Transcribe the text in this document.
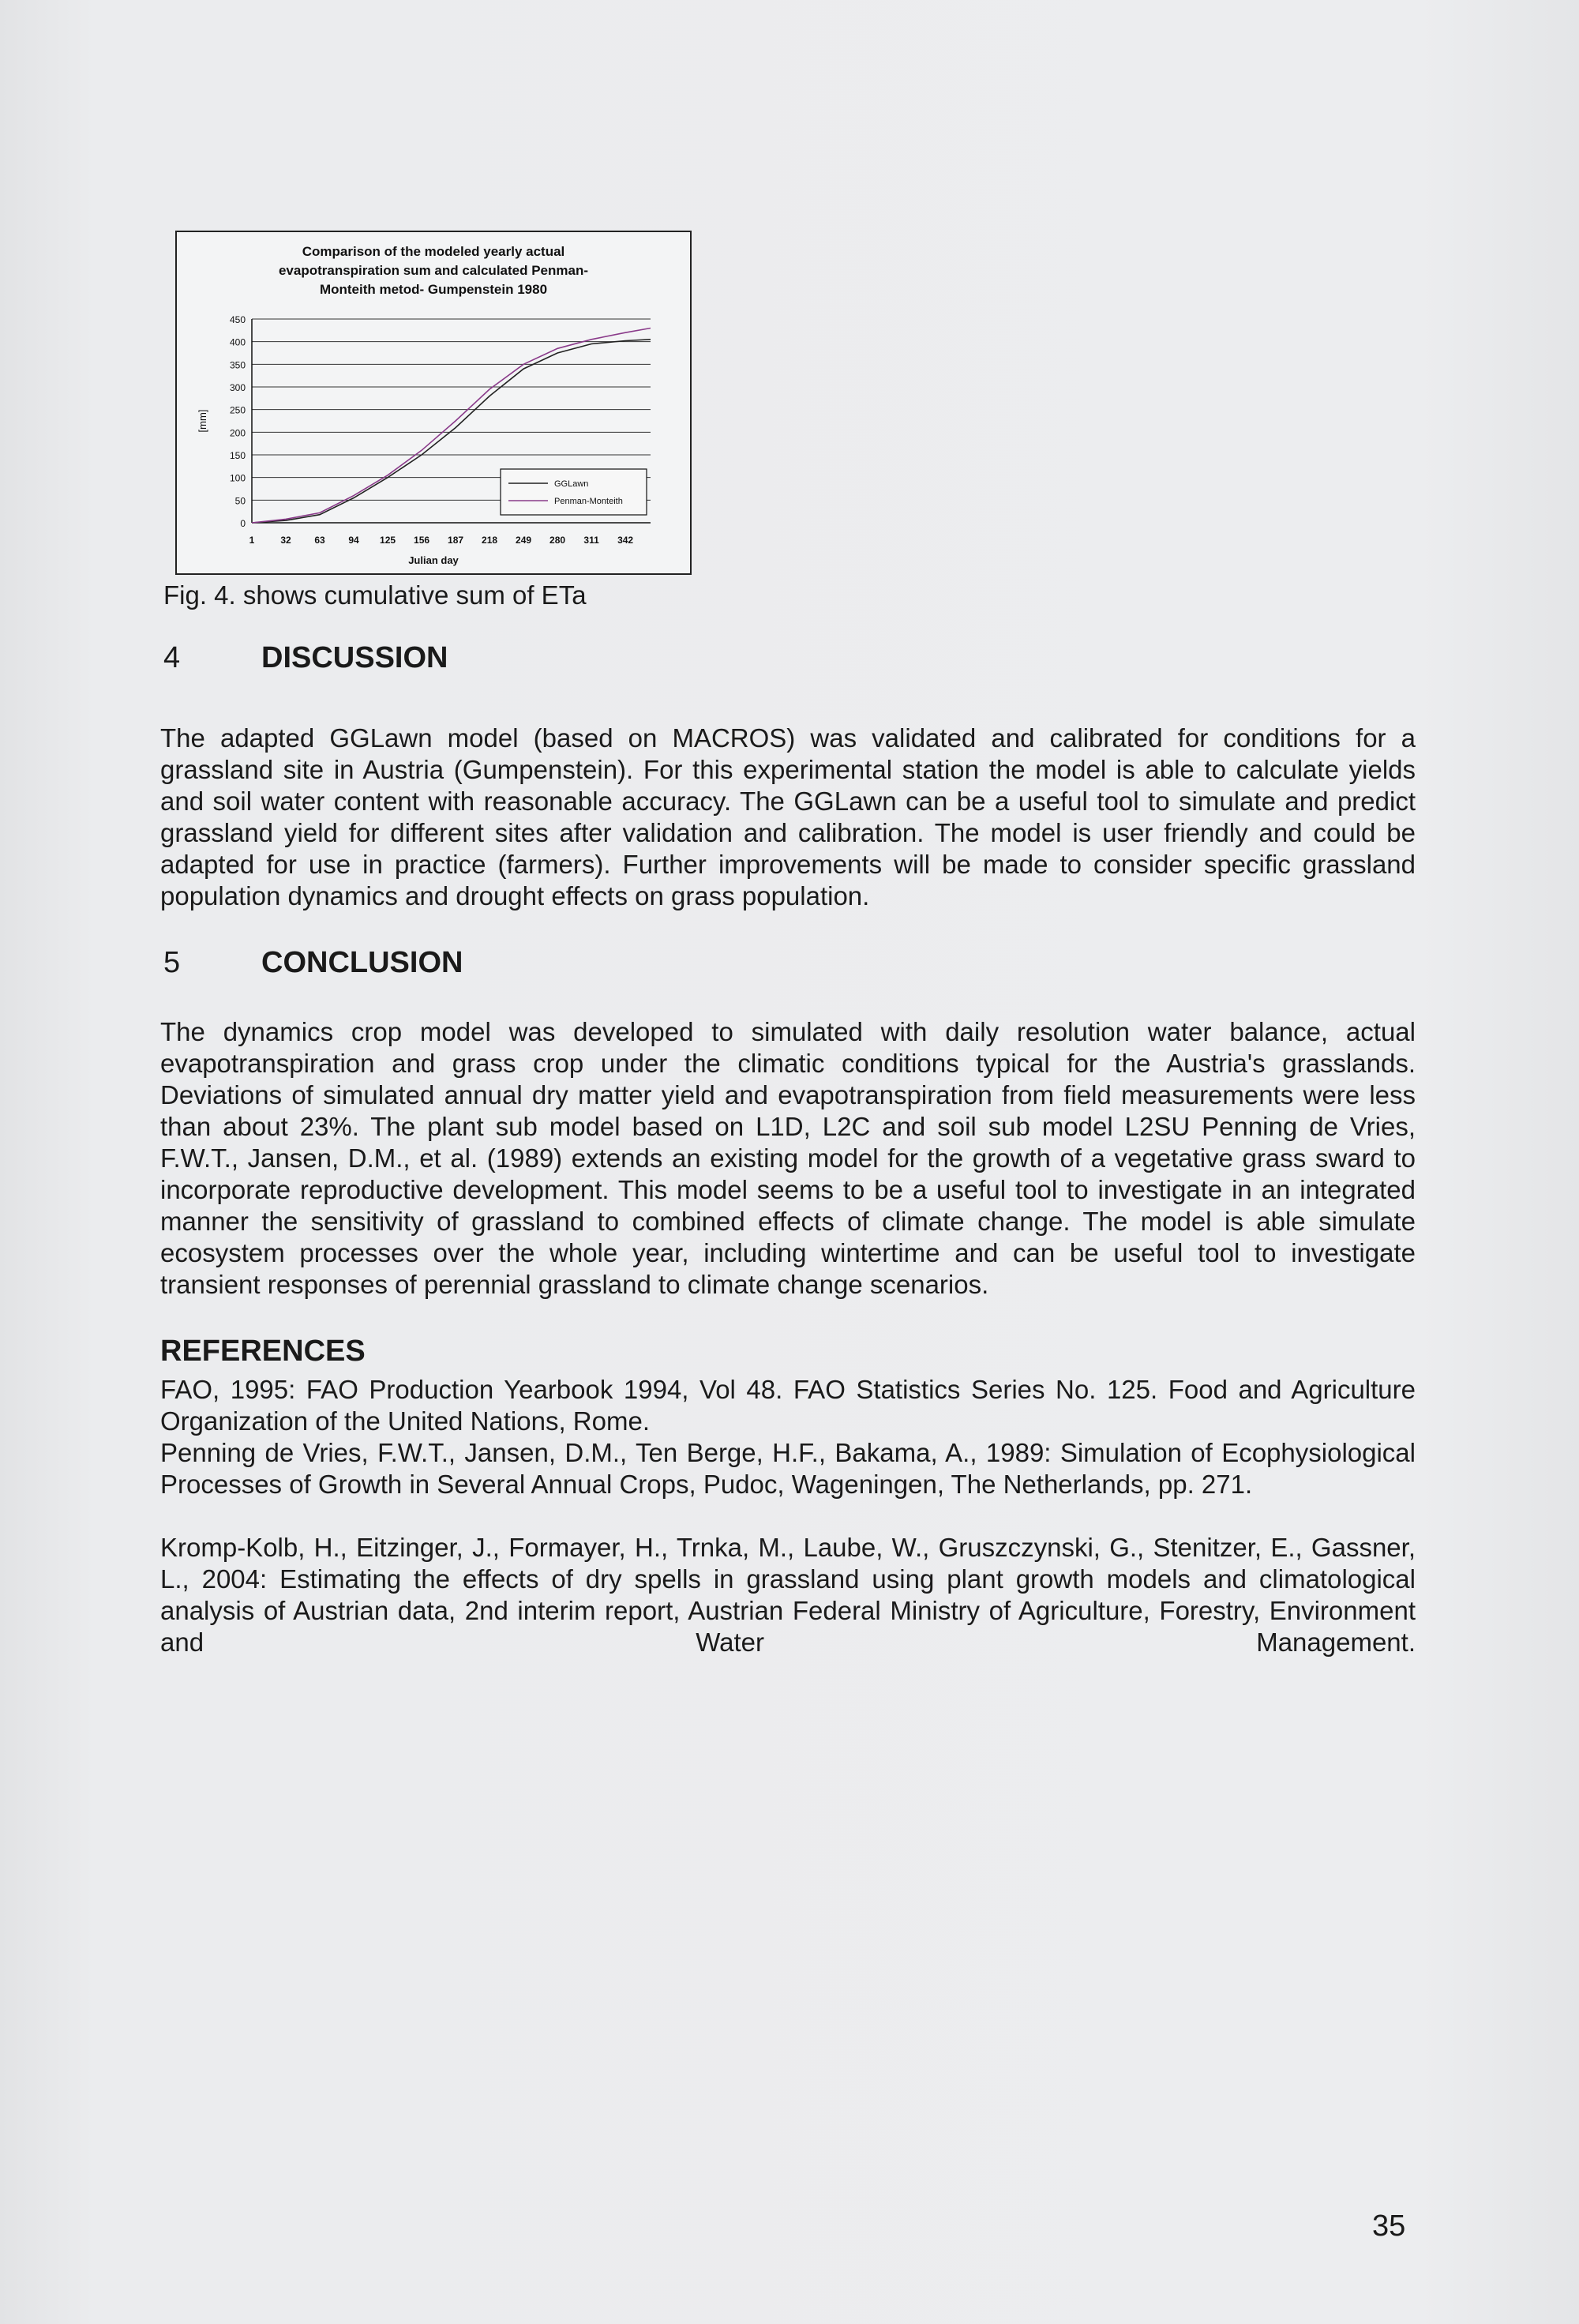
Comparison of the modeled yearly actual
evapotranspiration sum and calculated Penman-
Monteith metod- Gumpenstein 1980
450
400
350
300
250
200
150
100
50
0
1	32 63 94 125 156 187 218 249 280 311 342
Julian day
[mm]
GGLawn
Penman-Monteith
Fig. 4. shows cumulative sum of ETa
4	DISCUSSION

The adapted GGLawn model (based on MACROS) was validated and calibrated for conditions for a grassland site in Austria (Gumpenstein). For this experimental station the model is able to calculate yields and soil water content with reasonable accuracy. The GGLawn can be a useful tool to simulate and predict grassland yield for different sites after validation and calibration. The model is user friendly and could be adapted for use in practice (farmers). Further improvements will be made to consider specific grassland population dynamics and drought effects on grass population.

5	CONCLUSION

The dynamics crop model was developed to simulated with daily resolution water balance, actual evapotranspiration and grass crop under the climatic conditions typical for the Austria's grasslands. Deviations of simulated annual dry matter yield and evapotranspiration from field measurements were less than about 23%. The plant sub model based on L1D, L2C and soil sub model L2SU Penning de Vries, F.W.T., Jansen, D.M., et al. (1989) extends an existing model for the growth of a vegetative grass sward to incorporate reproductive development. This model seems to be a useful tool to investigate in an integrated manner the sensitivity of grassland to combined effects of climate change. The model is able simulate ecosystem processes over the whole year, including wintertime and can be useful tool to investigate transient responses of perennial grassland to climate change scenarios.

REFERENCES

FAO, 1995: FAO Production Yearbook 1994, Vol 48. FAO Statistics Series No. 125. Food and Agriculture Organization of the United Nations, Rome.

Penning de Vries, F.W.T., Jansen, D.M., Ten Berge, H.F., Bakama, A., 1989: Simulation of Ecophysiological Processes of Growth in Several Annual Crops, Pudoc, Wageningen, The Netherlands, pp. 271.

Kromp-Kolb, H., Eitzinger, J., Formayer, H., Trnka, M., Laube, W., Gruszczynski, G., Stenitzer, E., Gassner, L., 2004: Estimating the effects of dry spells in grassland using plant growth models and climatological analysis of Austrian data, 2nd interim report, Austrian Federal Ministry of Agriculture, Forestry, Environment and Water Management.

35
